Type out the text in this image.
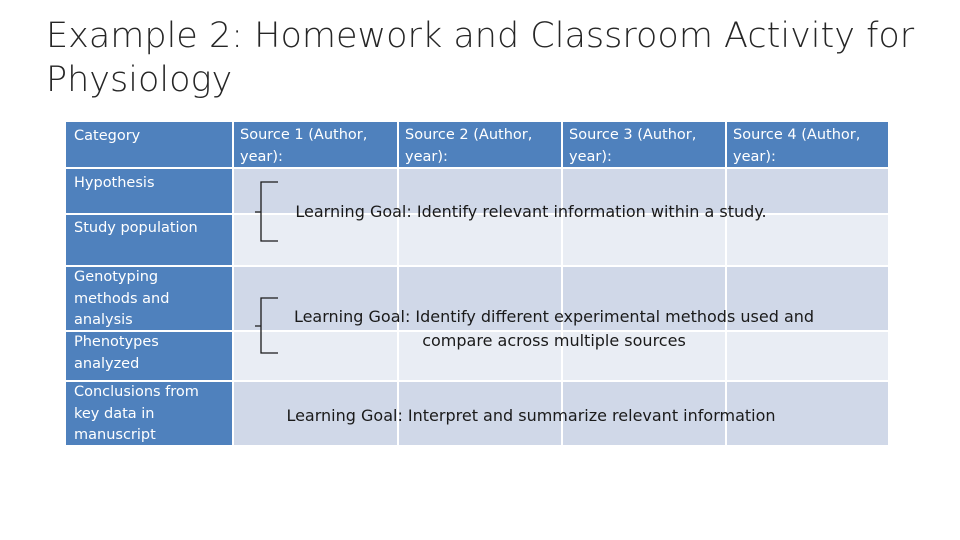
Example 2: Homework and Classroom Activity for Physiology
Category	Source 1 (Author, year):
Source 2 (Author, year):
Source 3 (Author, year):
Source 4 (Author, year):
Hypothesis
Study population
Genotyping methods and analysis
Phenotypes analyzed
Conclusions from key data in manuscript
Learning Goal: Identify relevant information within a study.
Learning Goal: Identify different experimental methods used and compare across multiple sources
Learning Goal: Interpret and summarize relevant information
